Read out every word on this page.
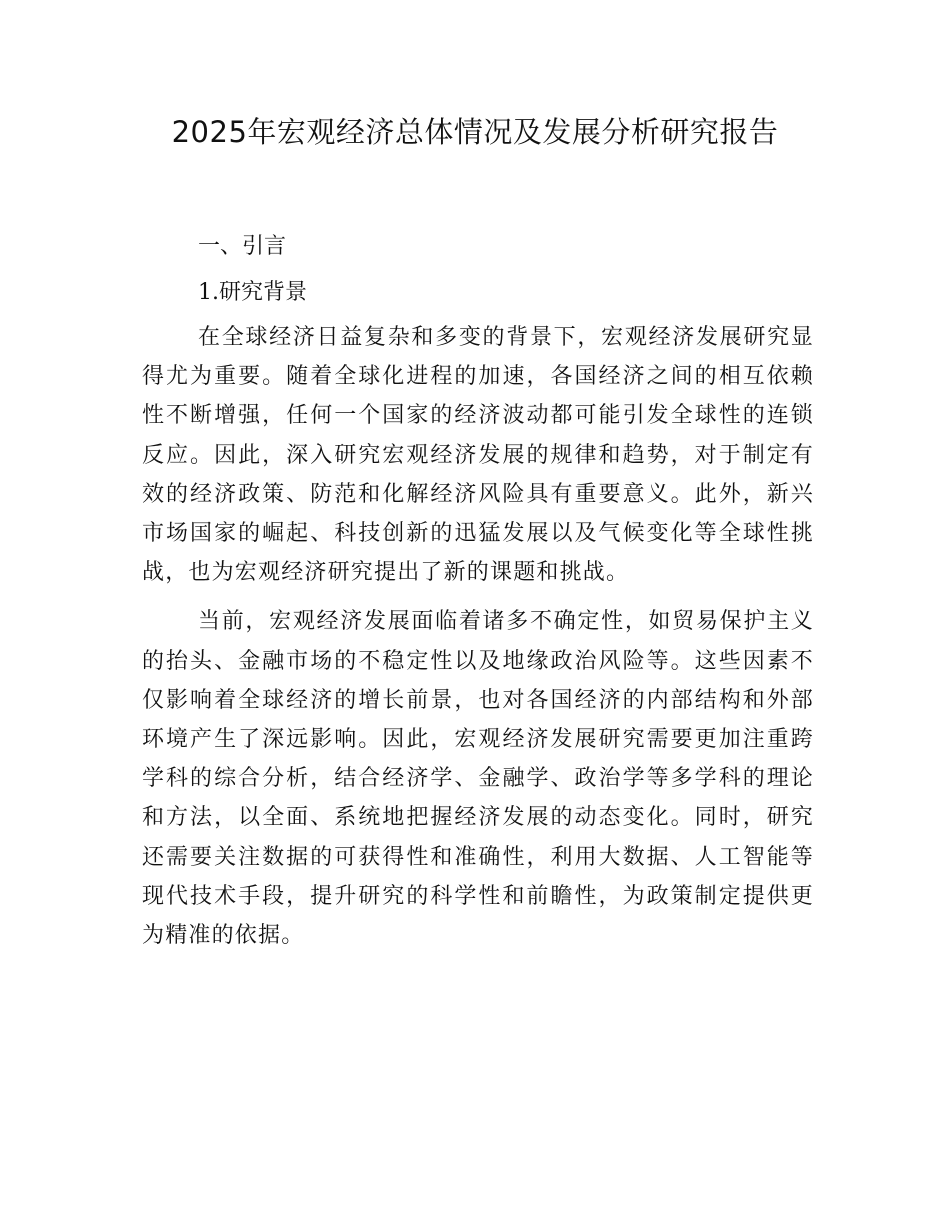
2025年宏观经济总体情况及发展分析研究报告

一、引言

1.研究背景

在全球经济日益复杂和多变的背景下，宏观经济发展研究显得尤为重要。随着全球化进程的加速，各国经济之间的相互依赖性不断增强，任何一个国家的经济波动都可能引发全球性的连锁反应。因此，深入研究宏观经济发展的规律和趋势，对于制定有效的经济政策、防范和化解经济风险具有重要意义。此外，新兴市场国家的崛起、科技创新的迅猛发展以及气候变化等全球性挑战，也为宏观经济研究提出了新的课题和挑战。

当前，宏观经济发展面临着诸多不确定性，如贸易保护主义的抬头、金融市场的不稳定性以及地缘政治风险等。这些因素不仅影响着全球经济的增长前景，也对各国经济的内部结构和外部环境产生了深远影响。因此，宏观经济发展研究需要更加注重跨学科的综合分析，结合经济学、金融学、政治学等多学科的理论和方法，以全面、系统地把握经济发展的动态变化。同时，研究还需要关注数据的可获得性和准确性，利用大数据、人工智能等现代技术手段，提升研究的科学性和前瞻性，为政策制定提供更为精准的依据。
